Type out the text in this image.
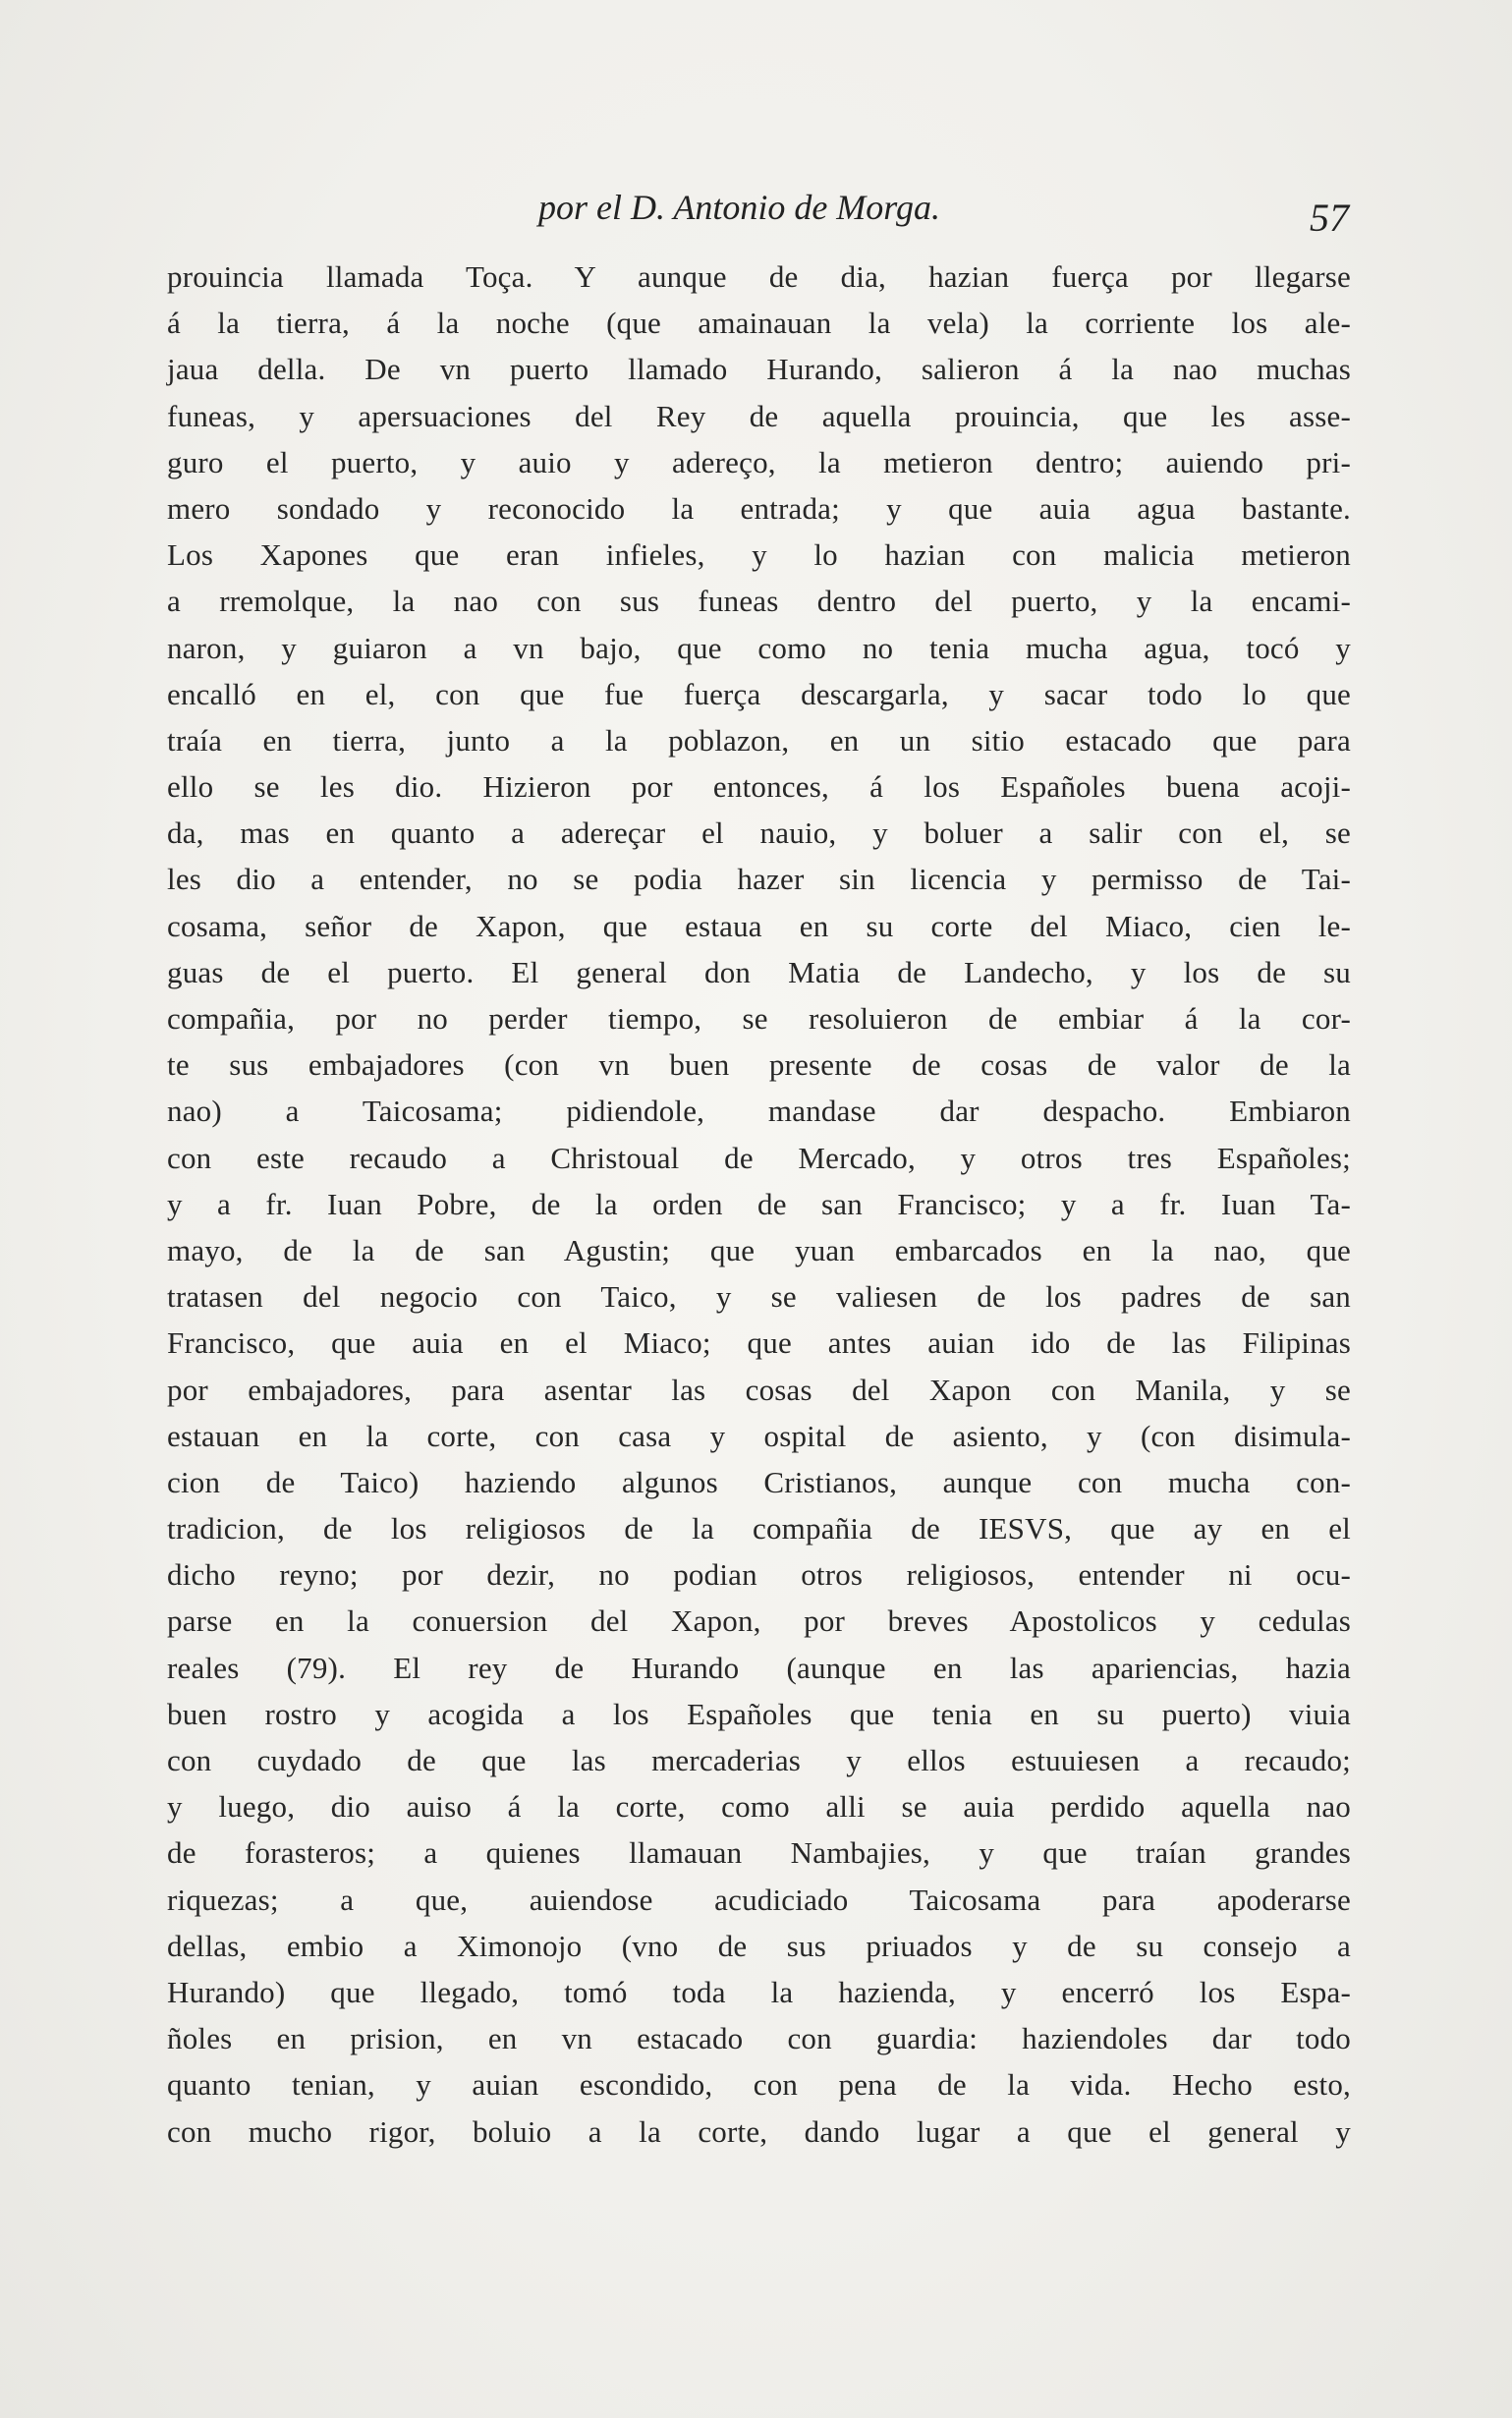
por el D. Antonio de Morga.	57
prouincia llamada Toça. Y aunque de dia, hazian fuerça por llegarse
á la tierra, á la noche (que amainauan la vela) la corriente los ale-
jaua della. De vn puerto llamado Hurando, salieron á la nao muchas
funeas, y apersuaciones del Rey de aquella prouincia, que les asse-
guro el puerto, y auio y adereço, la metieron dentro; auiendo pri-
mero sondado y reconocido la entrada; y que auia agua bastante.
Los Xapones que eran infieles, y lo hazian con malicia metieron
a rremolque, la nao con sus funeas dentro del puerto, y la encami-
naron, y guiaron a vn bajo, que como no tenia mucha agua, tocó y
encalló en el, con que fue fuerça descargarla, y sacar todo lo que
traía en tierra, junto a la poblazon, en un sitio estacado que para
ello se les dio. Hizieron por entonces, á los Españoles buena acoji-
da, mas en quanto a adereçar el nauio, y boluer a salir con el, se
les dio a entender, no se podia hazer sin licencia y permisso de Tai-
cosama, señor de Xapon, que estaua en su corte del Miaco, cien le-
guas de el puerto. El general don Matia de Landecho, y los de su
compañia, por no perder tiempo, se resoluieron de embiar á la cor-
te sus embajadores (con vn buen presente de cosas de valor de la
nao) a Taicosama; pidiendole, mandase dar despacho. Embiaron
con este recaudo a Christoual de Mercado, y otros tres Españoles;
y a fr. Iuan Pobre, de la orden de san Francisco; y a fr. Iuan Ta-
mayo, de la de san Agustin; que yuan embarcados en la nao, que
tratasen del negocio con Taico, y se valiesen de los padres de san
Francisco, que auia en el Miaco; que antes auian ido de las Filipinas
por embajadores, para asentar las cosas del Xapon con Manila, y se
estauan en la corte, con casa y ospital de asiento, y (con disimula-
cion de Taico) haziendo algunos Cristianos, aunque con mucha con-
tradicion, de los religiosos de la compañia de IESVS, que ay en el
dicho reyno; por dezir, no podian otros religiosos, entender ni ocu-
parse en la conuersion del Xapon, por breves Apostolicos y cedulas
reales (79). El rey de Hurando (aunque en las apariencias, hazia
buen rostro y acogida a los Españoles que tenia en su puerto) viuia
con cuydado de que las mercaderias y ellos estuuiesen a recaudo;
y luego, dio auiso á la corte, como alli se auia perdido aquella nao
de forasteros; a quienes llamauan Nambajies, y que traían grandes
riquezas; a que, auiendose acudiciado Taicosama para apoderarse
dellas, embio a Ximonojo (vno de sus priuados y de su consejo a
Hurando) que llegado, tomó toda la hazienda, y encerró los Espa-
ñoles en prision, en vn estacado con guardia: haziendoles dar todo
quanto tenian, y auian escondido, con pena de la vida. Hecho esto,
con mucho rigor, boluio a la corte, dando lugar a que el general y
